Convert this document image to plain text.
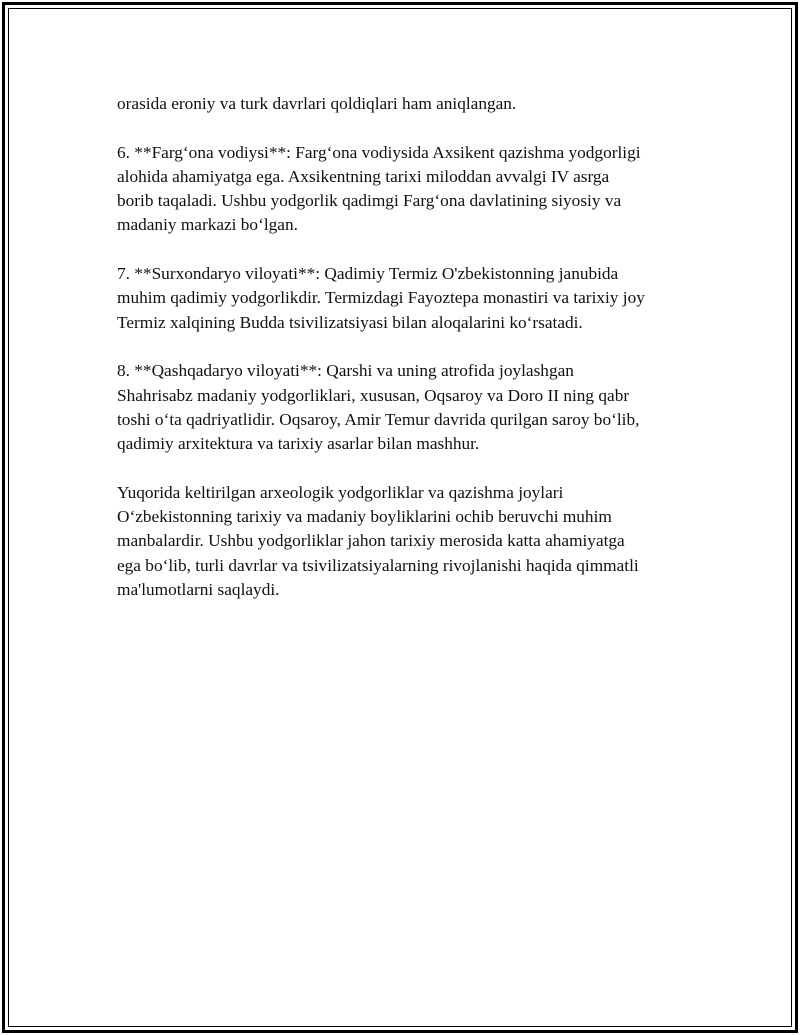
orasida eroniy va turk davrlari qoldiqlari ham aniqlangan.

6. **Farg‘ona vodiysi**: Farg‘ona vodiysida Axsikent qazishma yodgorligi
alohida ahamiyatga ega. Axsikentning tarixi miloddan avvalgi IV asrga
borib taqaladi. Ushbu yodgorlik qadimgi Farg‘ona davlatining siyosiy va
madaniy markazi bo‘lgan.

7. **Surxondaryo viloyati**: Qadimiy Termiz O'zbekistonning janubida
muhim qadimiy yodgorlikdir. Termizdagi Fayoztepa monastiri va tarixiy joy
Termiz xalqining Budda tsivilizatsiyasi bilan aloqalarini ko‘rsatadi.

8. **Qashqadaryo viloyati**: Qarshi va uning atrofida joylashgan
Shahrisabz madaniy yodgorliklari, xususan, Oqsaroy va Doro II ning qabr
toshi o‘ta qadriyatlidir. Oqsaroy, Amir Temur davrida qurilgan saroy bo‘lib,
qadimiy arxitektura va tarixiy asarlar bilan mashhur.

Yuqorida keltirilgan arxeologik yodgorliklar va qazishma joylari
O‘zbekistonning tarixiy va madaniy boyliklarini ochib beruvchi muhim
manbalardir. Ushbu yodgorliklar jahon tarixiy merosida katta ahamiyatga
ega bo‘lib, turli davrlar va tsivilizatsiyalarning rivojlanishi haqida qimmatli
ma'lumotlarni saqlaydi.
